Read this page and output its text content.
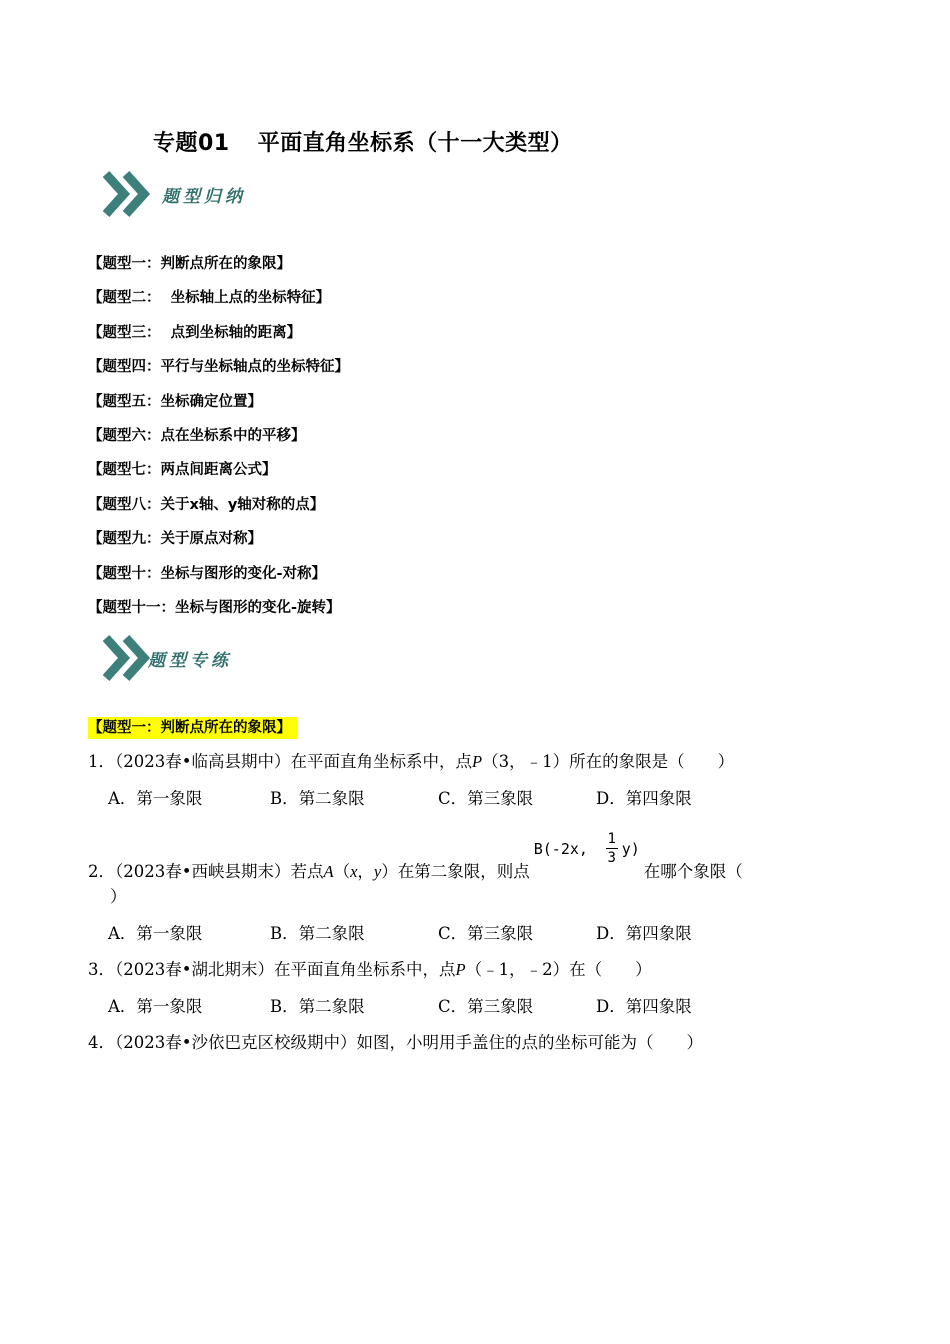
专题01 平面直角坐标系（十一大类型）
题型归纳
【题型一：判断点所在的象限】
【题型二：  坐标轴上点的坐标特征】
【题型三：  点到坐标轴的距离】
【题型四：平行与坐标轴点的坐标特征】
【题型五：坐标确定位置】
【题型六：点在坐标系中的平移】
【题型七：两点间距离公式】
【题型八：关于x轴、y轴对称的点】
【题型九：关于原点对称】
【题型十：坐标与图形的变化-对称】
【题型十一：坐标与图形的变化-旋转】
题型专练
【题型一：判断点所在的象限】
1．（2023春•临高县期中）在平面直角坐标系中，点P（3，﹣1）所在的象限是（　　）
A．第一象限	B．第二象限	C．第三象限	D．第四象限
2．（2023春•西峡县期末）若点A（x，y）在第二象限，则点
B(-2x,
1
3 y)
在哪个象限（
）
A．第一象限	B．第二象限	C．第三象限	D．第四象限
3．（2023春•湖北期末）在平面直角坐标系中，点P（﹣1，﹣2）在（　　）
A．第一象限	B．第二象限	C．第三象限	D．第四象限
4．（2023春•沙依巴克区校级期中）如图，小明用手盖住的点的坐标可能为（　　）
